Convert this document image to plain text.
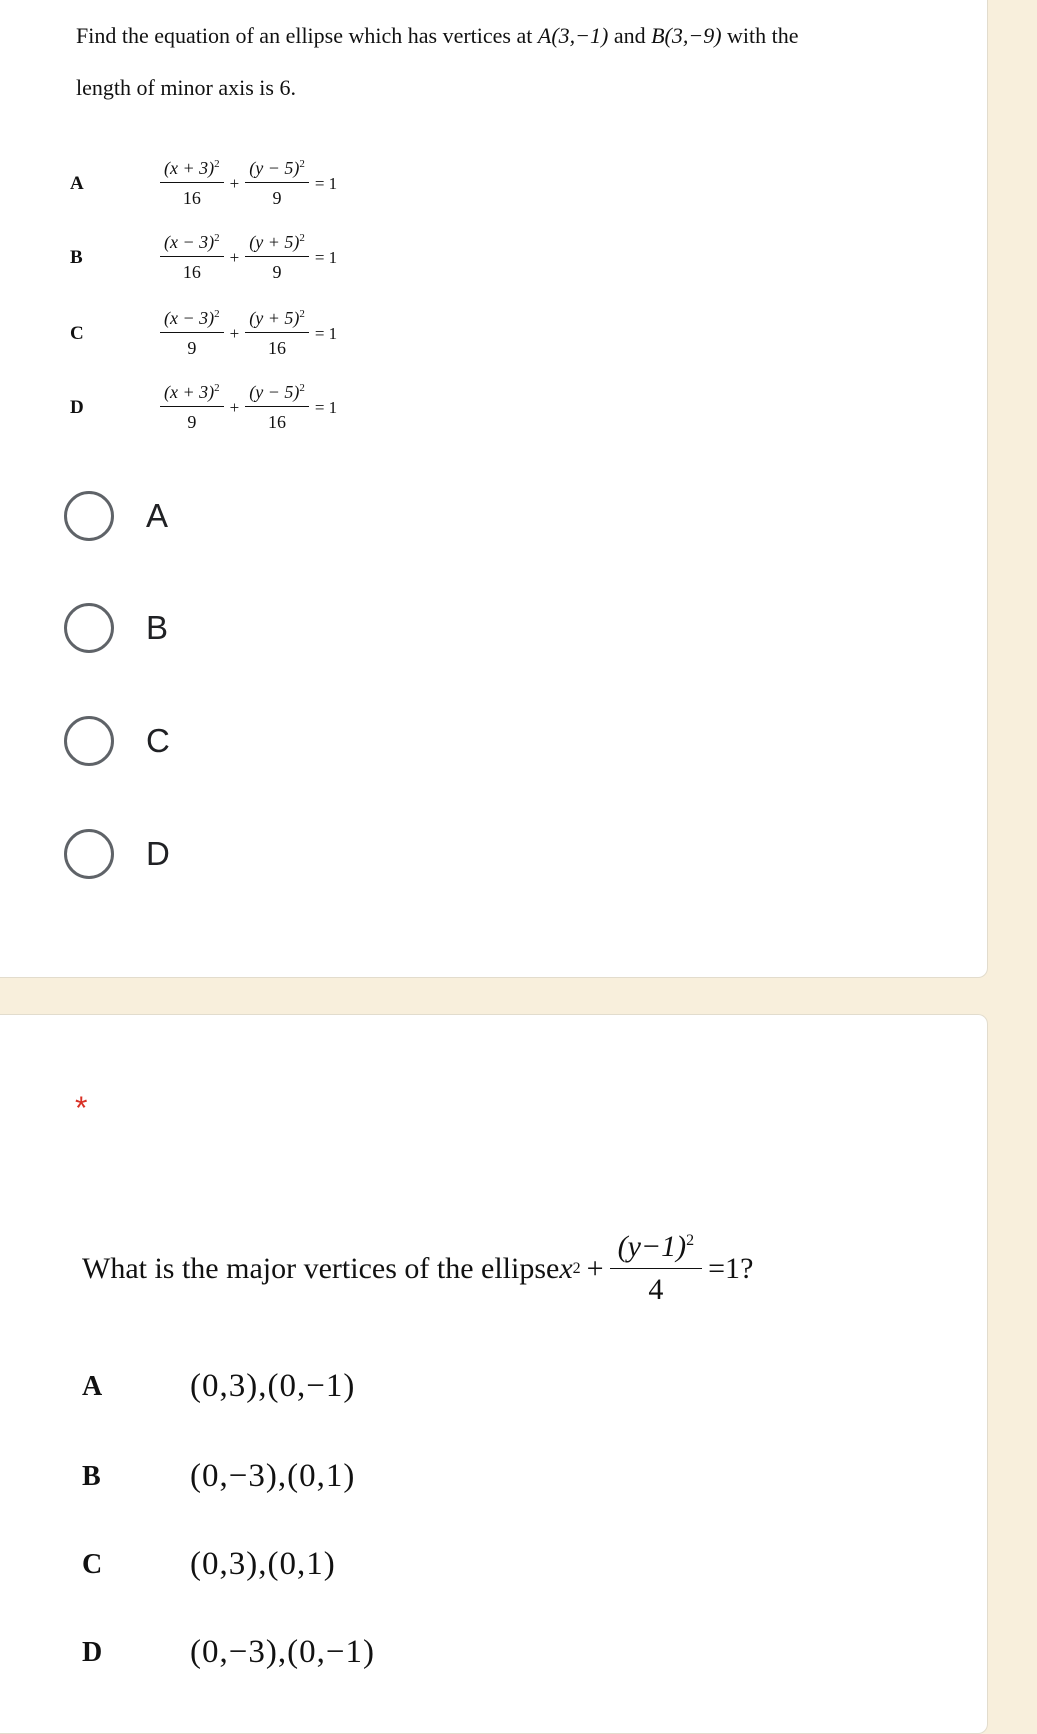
Find the equation of an ellipse which has vertices at A(3,−1) and B(3,−9) with the
length of minor axis is 6.
A	$\frac{(x + 3)^2}{16} + \frac{(y - 5)^2}{9} = 1$
B	$\frac{(x - 3)^2}{16} + \frac{(y + 5)^2}{9} = 1$
C	$\frac{(x - 3)^2}{9} + \frac{(y + 5)^2}{16} = 1$
D	$\frac{(x + 3)^2}{9} + \frac{(y - 5)^2}{16} = 1$
A
B
C
D
*
What is the major vertices of the ellipse x $2 + \frac{(y-1)^2}{4} =1$ ?
A	(0,3),(0,−1)
B	(0,−3),(0,1)
C	(0,3),(0,1)
D	(0,−3),(0,−1)
